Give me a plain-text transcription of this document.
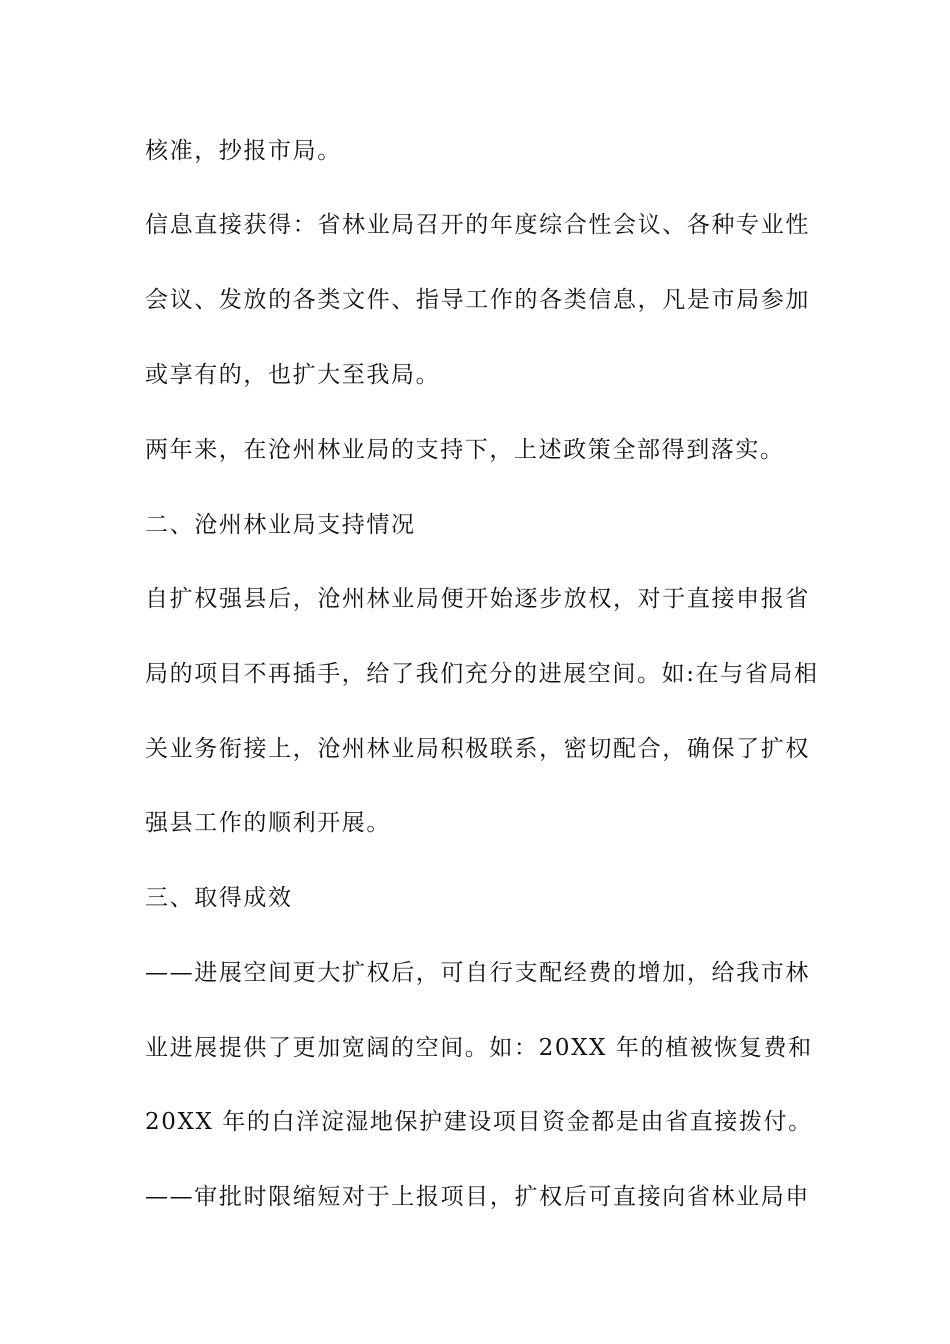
核准，抄报市局。
信息直接获得：省林业局召开的年度综合性会议、各种专业性
会议、发放的各类文件、指导工作的各类信息，凡是市局参加
或享有的，也扩大至我局。
两年来，在沧州林业局的支持下，上述政策全部得到落实。
二、沧州林业局支持情况
自扩权强县后，沧州林业局便开始逐步放权，对于直接申报省
局的项目不再插手，给了我们充分的进展空间。如:在与省局相
关业务衔接上，沧州林业局积极联系，密切配合，确保了扩权
强县工作的顺利开展。
三、取得成效
——进展空间更大扩权后，可自行支配经费的增加，给我市林
业进展提供了更加宽阔的空间。如：20XX 年的植被恢复费和
20XX 年的白洋淀湿地保护建设项目资金都是由省直接拨付。
——审批时限缩短对于上报项目，扩权后可直接向省林业局申
